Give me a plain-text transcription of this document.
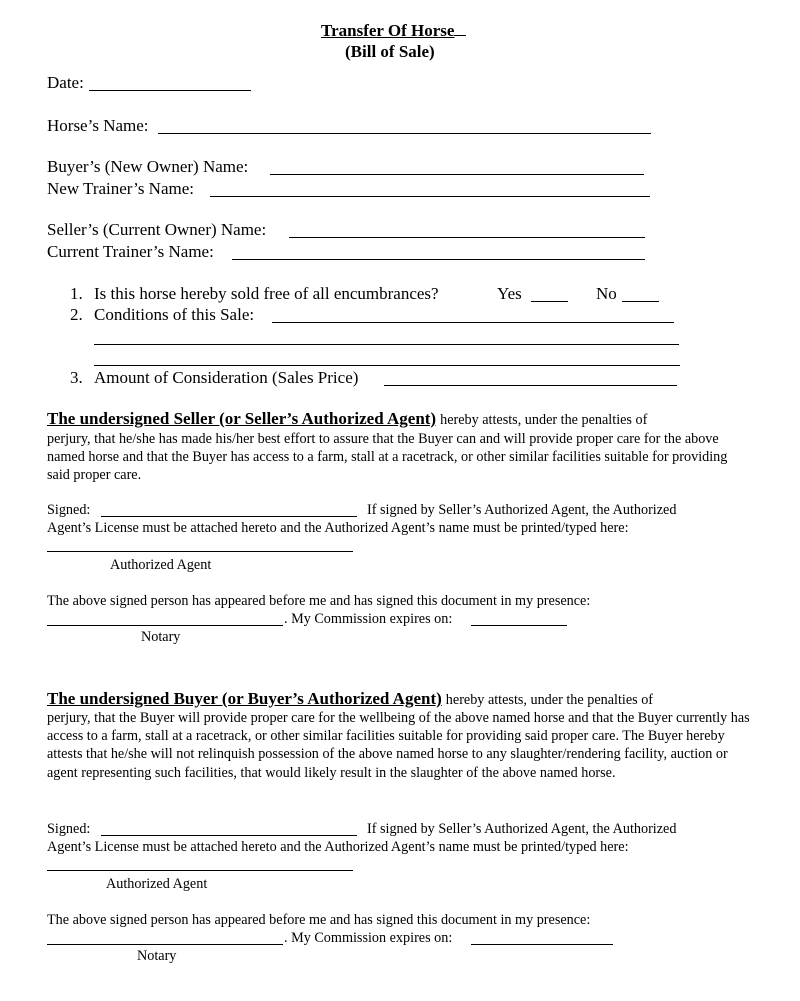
Transfer Of Horse
(Bill of Sale)
Date:
Horse’s Name:
Buyer’s (New Owner) Name:
New Trainer’s Name:
Seller’s (Current Owner) Name:
Current Trainer’s Name:
1. Is this horse hereby sold free of all encumbrances?	Yes	No
2. Conditions of this Sale:
3. Amount of Consideration (Sales Price)
The undersigned Seller (or Seller’s Authorized Agent) hereby attests, under the penalties of
perjury, that he/she has made his/her best effort to assure that the Buyer can and will provide proper care for the above named horse and that the Buyer has access to a farm, stall at a racetrack, or other similar facilities suitable for providing said proper care.
Signed:	If signed by Seller’s Authorized Agent, the Authorized
Agent’s License must be attached hereto and the Authorized Agent’s name must be printed/typed here:
Authorized Agent
The above signed person has appeared before me and has signed this document in my presence:
. My Commission expires on:
Notary
The undersigned Buyer (or Buyer’s Authorized Agent) hereby attests, under the penalties of
perjury, that the Buyer will provide proper care for the wellbeing of the above named horse and that the Buyer currently has access to a farm, stall at a racetrack, or other similar facilities suitable for providing said proper care. The Buyer hereby attests that he/she will not relinquish possession of the above named horse to any slaughter/rendering facility, auction or agent representing such facilities, that would likely result in the slaughter of the above named horse.
Signed:	If signed by Seller’s Authorized Agent, the Authorized
Agent’s License must be attached hereto and the Authorized Agent’s name must be printed/typed here:
Authorized Agent
The above signed person has appeared before me and has signed this document in my presence:
. My Commission expires on:
Notary
